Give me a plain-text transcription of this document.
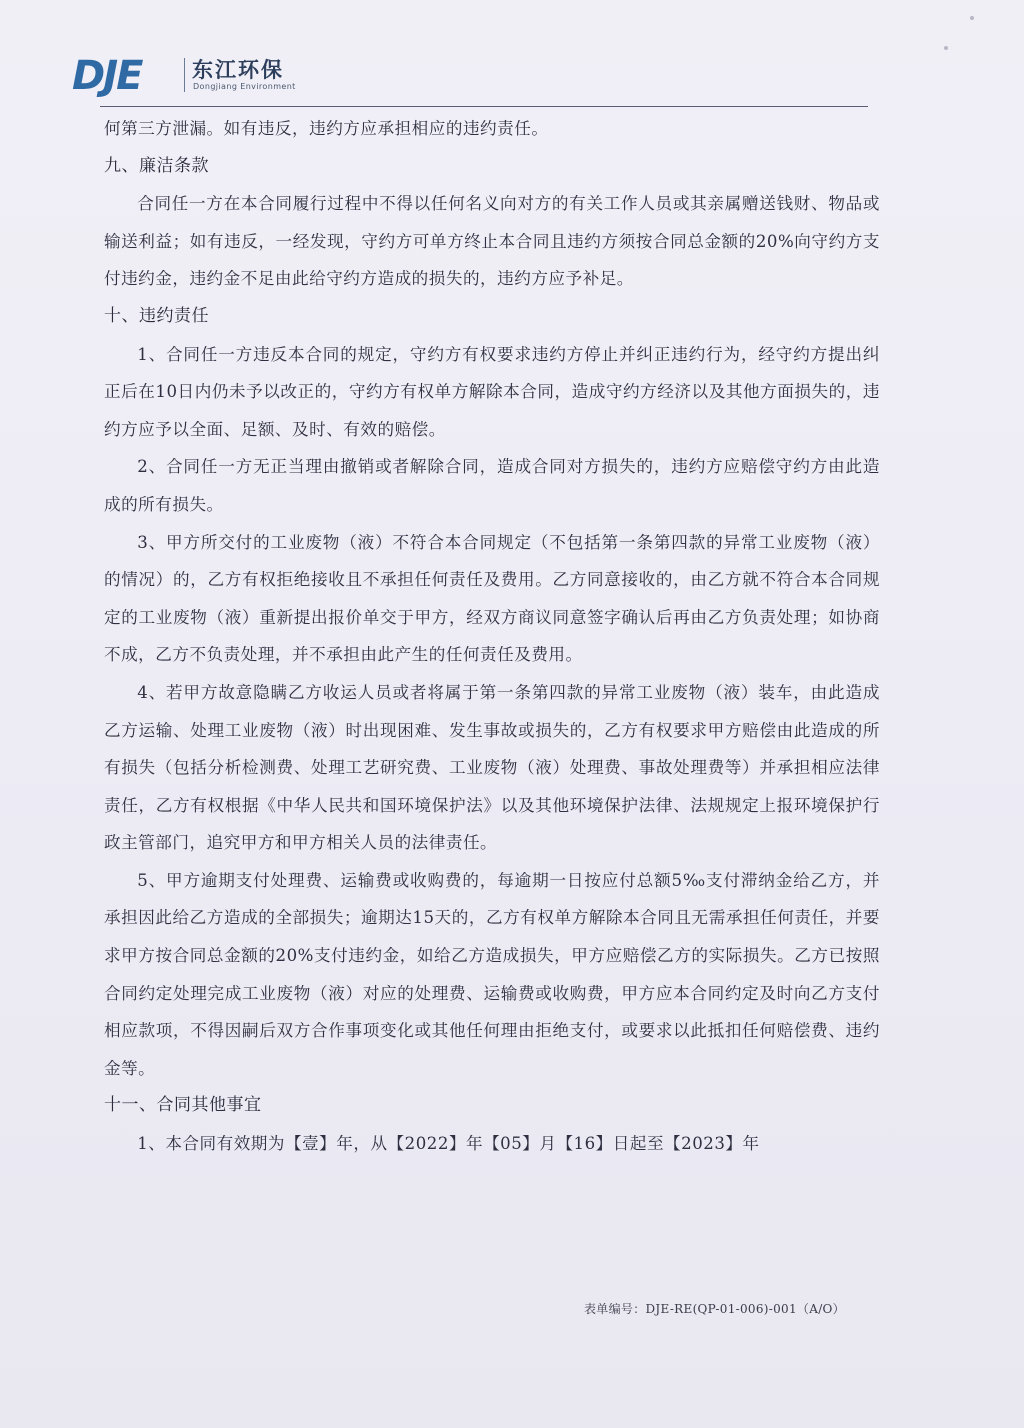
DJE 东江环保
Dongjiang Environment

何第三方泄漏。如有违反，违约方应承担相应的违约责任。

九、廉洁条款

合同任一方在本合同履行过程中不得以任何名义向对方的有关工作人员或其亲属赠送钱财、物品或输送利益；如有违反，一经发现，守约方可单方终止本合同且违约方须按合同总金额的20%向守约方支付违约金，违约金不足由此给守约方造成的损失的，违约方应予补足。

十、违约责任

1、合同任一方违反本合同的规定，守约方有权要求违约方停止并纠正违约行为，经守约方提出纠正后在10日内仍未予以改正的，守约方有权单方解除本合同，造成守约方经济以及其他方面损失的，违约方应予以全面、足额、及时、有效的赔偿。

2、合同任一方无正当理由撤销或者解除合同，造成合同对方损失的，违约方应赔偿守约方由此造成的所有损失。

3、甲方所交付的工业废物（液）不符合本合同规定（不包括第一条第四款的异常工业废物（液）的情况）的，乙方有权拒绝接收且不承担任何责任及费用。乙方同意接收的，由乙方就不符合本合同规定的工业废物（液）重新提出报价单交于甲方，经双方商议同意签字确认后再由乙方负责处理；如协商不成，乙方不负责处理，并不承担由此产生的任何责任及费用。

4、若甲方故意隐瞒乙方收运人员或者将属于第一条第四款的异常工业废物（液）装车，由此造成乙方运输、处理工业废物（液）时出现困难、发生事故或损失的，乙方有权要求甲方赔偿由此造成的所有损失（包括分析检测费、处理工艺研究费、工业废物（液）处理费、事故处理费等）并承担相应法律责任，乙方有权根据《中华人民共和国环境保护法》以及其他环境保护法律、法规规定上报环境保护行政主管部门，追究甲方和甲方相关人员的法律责任。

5、甲方逾期支付处理费、运输费或收购费的，每逾期一日按应付总额5‰支付滞纳金给乙方，并承担因此给乙方造成的全部损失；逾期达15天的，乙方有权单方解除本合同且无需承担任何责任，并要求甲方按合同总金额的20%支付违约金，如给乙方造成损失，甲方应赔偿乙方的实际损失。乙方已按照合同约定处理完成工业废物（液）对应的处理费、运输费或收购费，甲方应本合同约定及时向乙方支付相应款项，不得因嗣后双方合作事项变化或其他任何理由拒绝支付，或要求以此抵扣任何赔偿费、违约金等。

十一、合同其他事宜

1、本合同有效期为【壹】年，从【2022】年【05】月【16】日起至【2023】年

表单编号：DJE-RE(QP-01-006)-001（A/O）
